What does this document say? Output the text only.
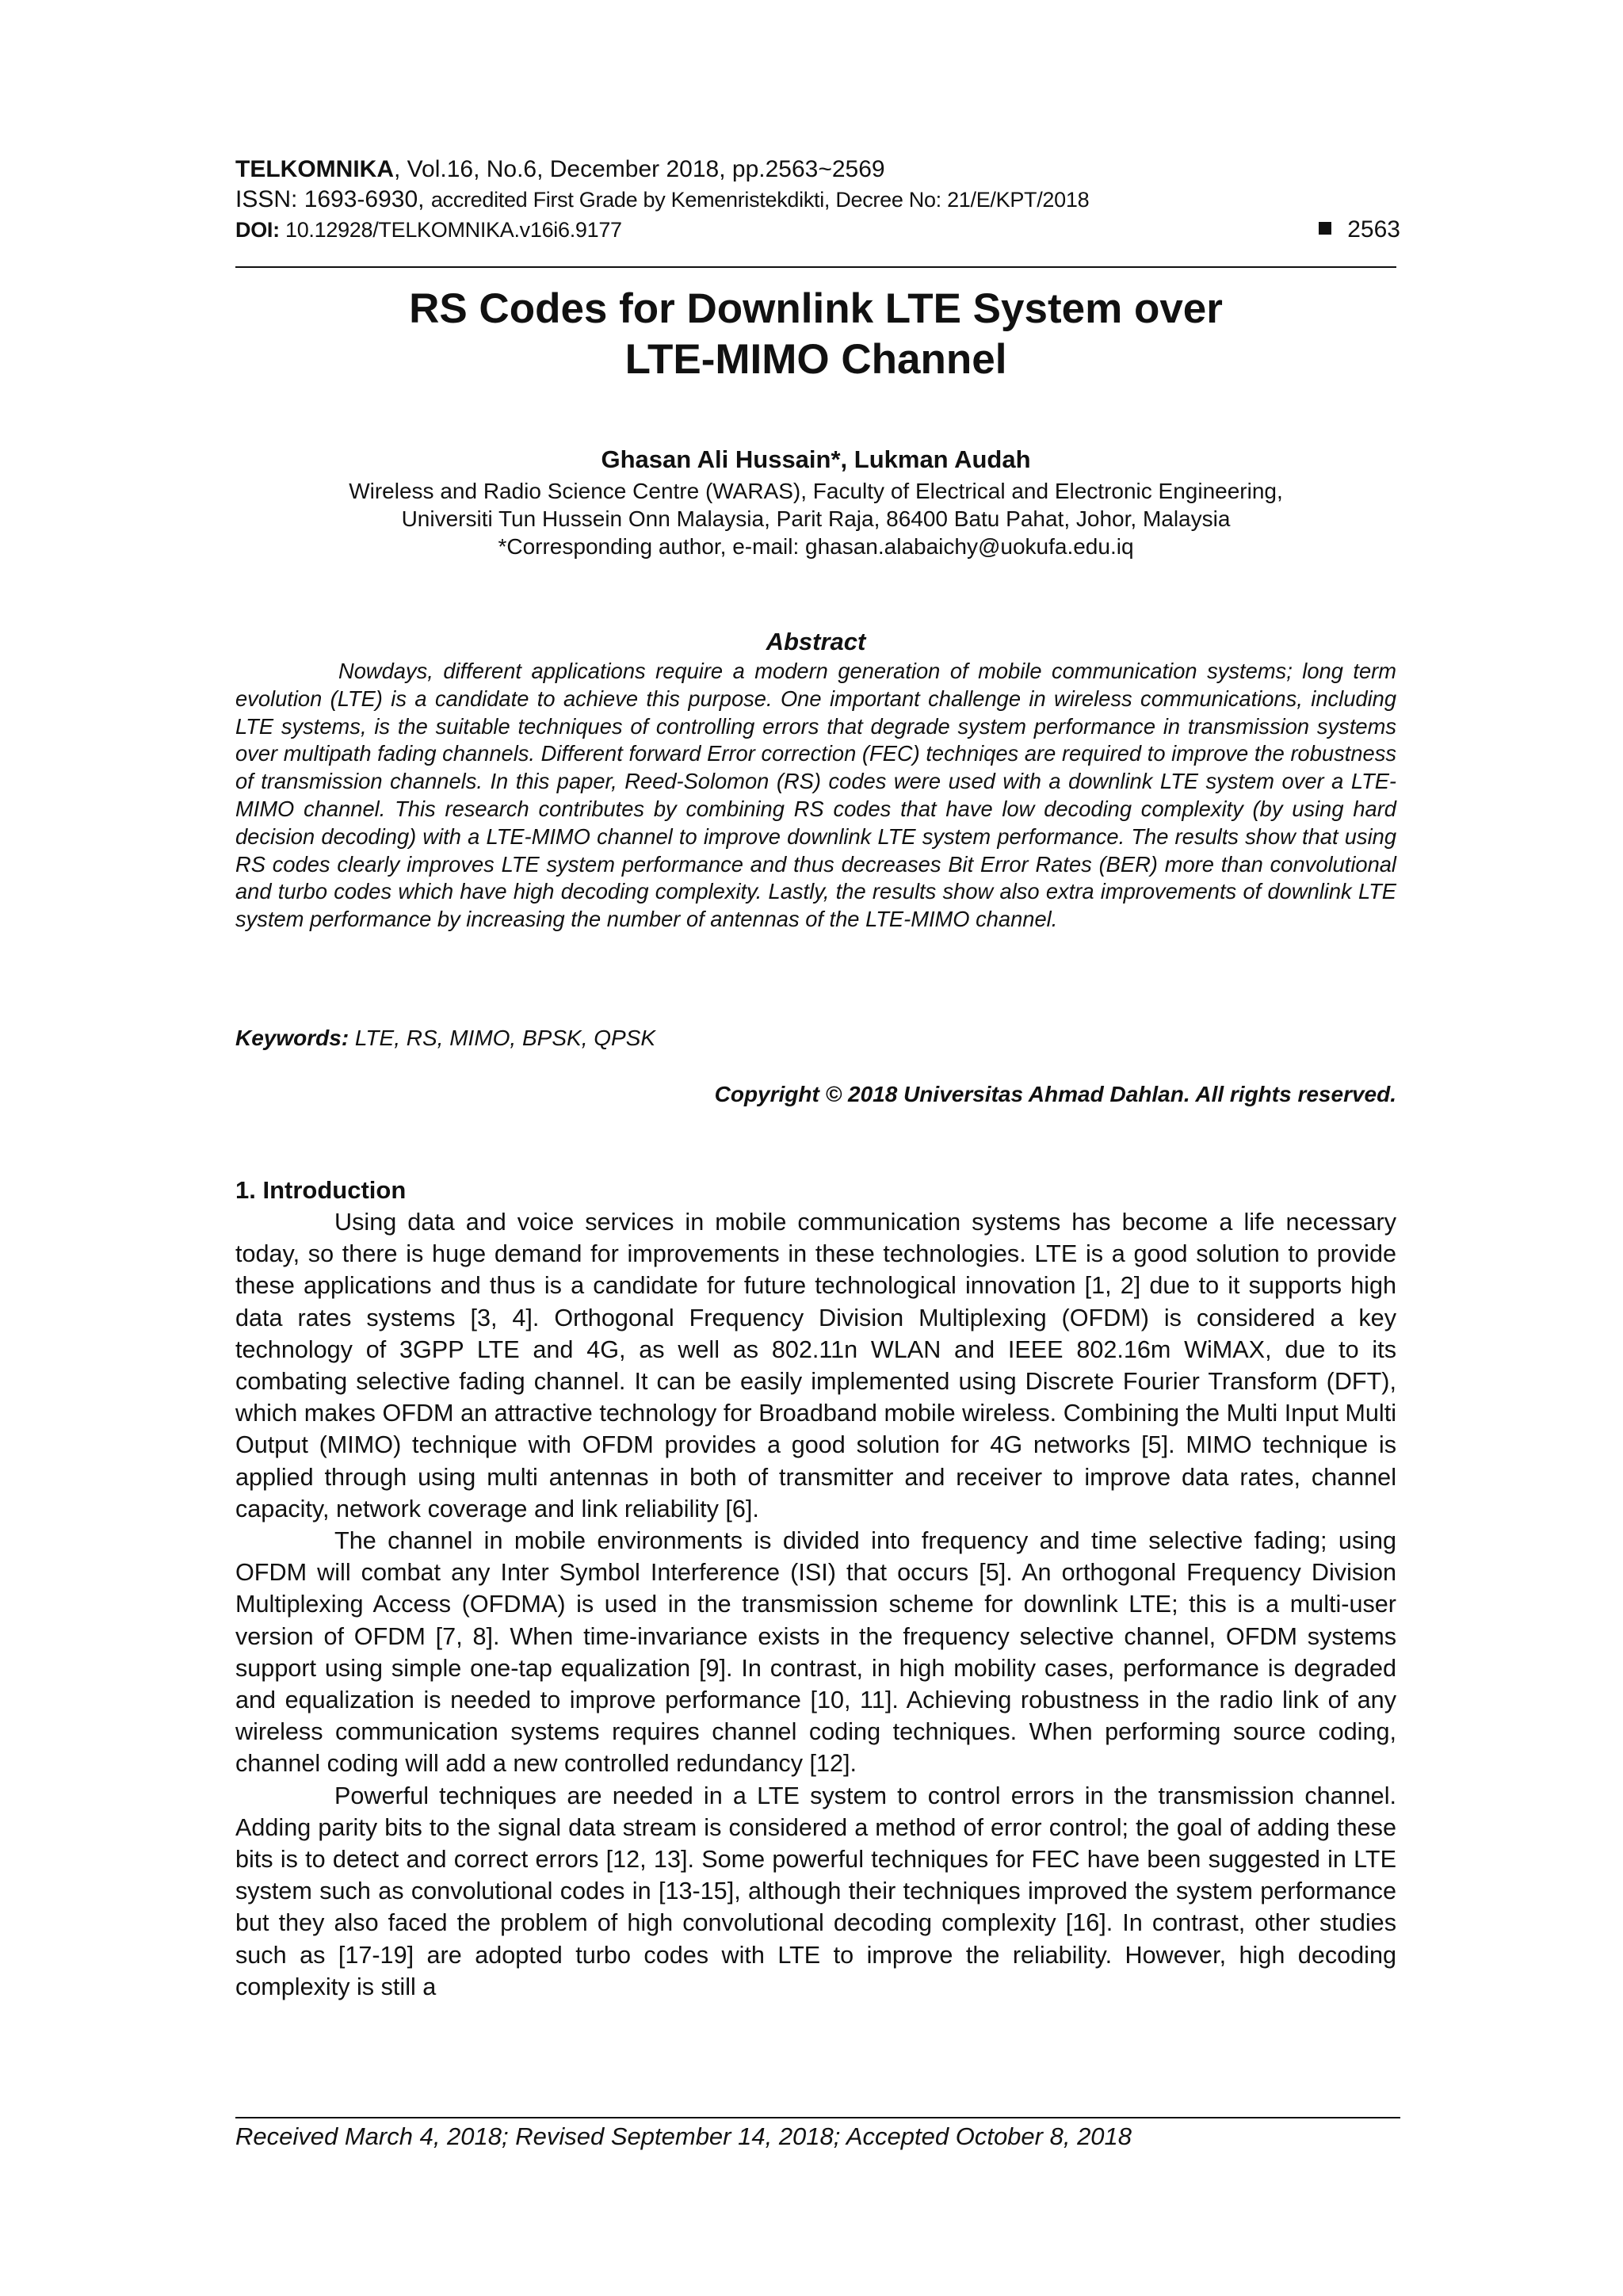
TELKOMNIKA, Vol.16, No.6, December 2018, pp.2563~2569
ISSN: 1693-6930, accredited First Grade by Kemenristekdikti, Decree No: 21/E/KPT/2018
DOI: 10.12928/TELKOMNIKA.v16i6.9177	2563
RS Codes for Downlink LTE System over
LTE-MIMO Channel
Ghasan Ali Hussain*, Lukman Audah
Wireless and Radio Science Centre (WARAS), Faculty of Electrical and Electronic Engineering,
Universiti Tun Hussein Onn Malaysia, Parit Raja, 86400 Batu Pahat, Johor, Malaysia
*Corresponding author, e-mail: ghasan.alabaichy@uokufa.edu.iq
Abstract

Nowdays, different applications require a modern generation of mobile communication systems; long term evolution (LTE) is a candidate to achieve this purpose. One important challenge in wireless communications, including LTE systems, is the suitable techniques of controlling errors that degrade system performance in transmission systems over multipath fading channels. Different forward Error correction (FEC) techniqes are required to improve the robustness of transmission channels. In this paper, Reed-Solomon (RS) codes were used with a downlink LTE system over a LTE-MIMO channel. This research contributes by combining RS codes that have low decoding complexity (by using hard decision decoding) with a LTE-MIMO channel to improve downlink LTE system performance. The results show that using RS codes clearly improves LTE system performance and thus decreases Bit Error Rates (BER) more than convolutional and turbo codes which have high decoding complexity. Lastly, the results show also extra improvements of downlink LTE system performance by increasing the number of antennas of the LTE-MIMO channel.

Keywords: LTE, RS, MIMO, BPSK, QPSK
Copyright © 2018 Universitas Ahmad Dahlan. All rights reserved.
1. Introduction

Using data and voice services in mobile communication systems has become a life necessary today, so there is huge demand for improvements in these technologies. LTE is a good solution to provide these applications and thus is a candidate for future technological innovation [1, 2] due to it supports high data rates systems [3, 4]. Orthogonal Frequency Division Multiplexing (OFDM) is considered a key technology of 3GPP LTE and 4G, as well as 802.11n WLAN and IEEE 802.16m WiMAX, due to its combating selective fading channel. It can be easily implemented using Discrete Fourier Transform (DFT), which makes OFDM an attractive technology for Broadband mobile wireless. Combining the Multi Input Multi Output (MIMO) technique with OFDM provides a good solution for 4G networks [5]. MIMO technique is applied through using multi antennas in both of transmitter and receiver to improve data rates, channel capacity, network coverage and link reliability [6].

The channel in mobile environments is divided into frequency and time selective fading; using OFDM will combat any Inter Symbol Interference (ISI) that occurs [5]. An orthogonal Frequency Division Multiplexing Access (OFDMA) is used in the transmission scheme for downlink LTE; this is a multi-user version of OFDM [7, 8]. When time-invariance exists in the frequency selective channel, OFDM systems support using simple one-tap equalization [9]. In contrast, in high mobility cases, performance is degraded and equalization is needed to improve performance [10, 11]. Achieving robustness in the radio link of any wireless communication systems requires channel coding techniques. When performing source coding, channel coding will add a new controlled redundancy [12].

Powerful techniques are needed in a LTE system to control errors in the transmission channel. Adding parity bits to the signal data stream is considered a method of error control; the goal of adding these bits is to detect and correct errors [12, 13]. Some powerful techniques for FEC have been suggested in LTE system such as convolutional codes in [13-15], although their techniques improved the system performance but they also faced the problem of high convolutional decoding complexity [16]. In contrast, other studies such as [17-19] are adopted turbo codes with LTE to improve the reliability. However, high decoding complexity is still a

Received March 4, 2018; Revised September 14, 2018; Accepted October 8, 2018
